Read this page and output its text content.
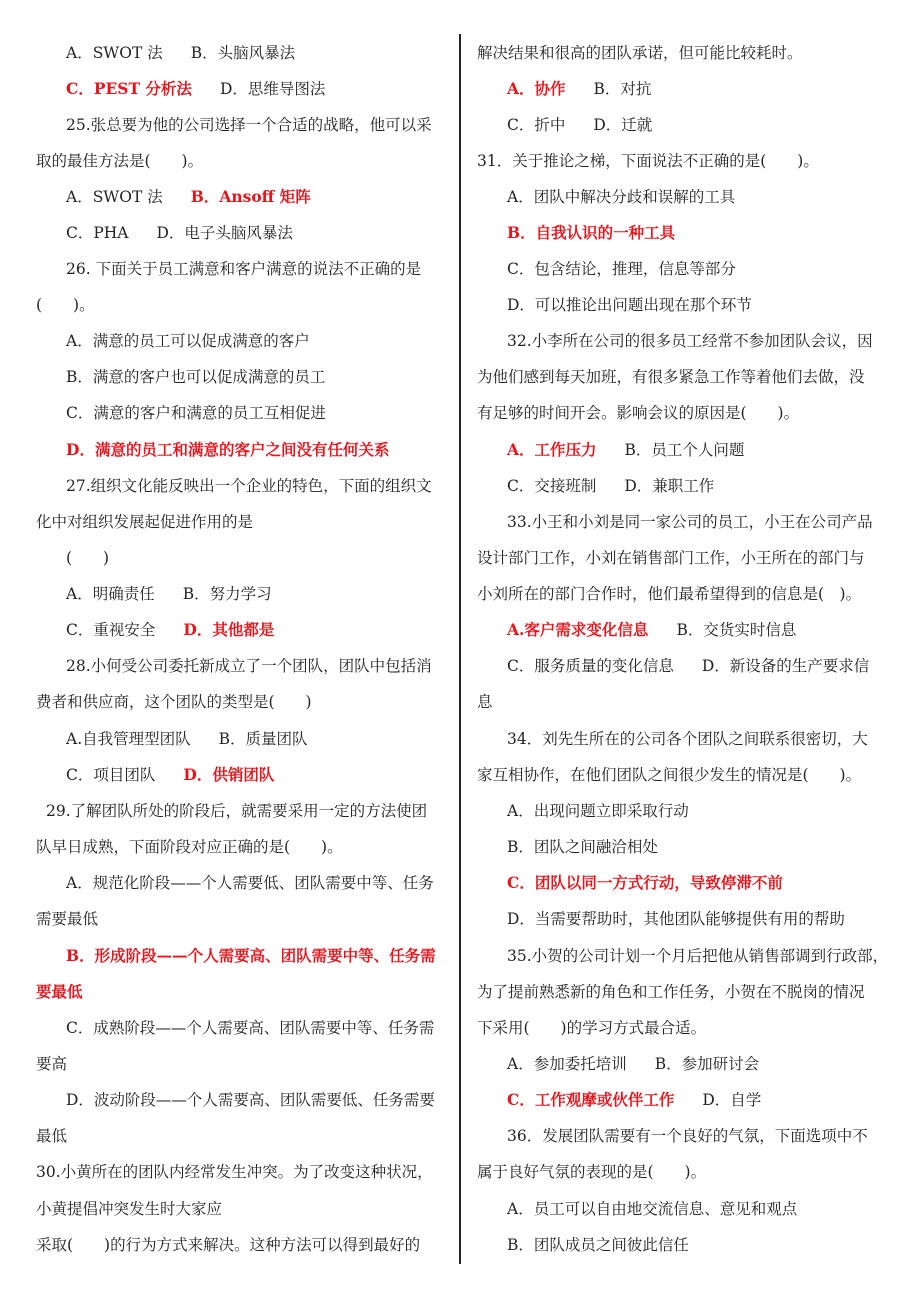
A．SWOT 法 B．头脑风暴法
C．PEST 分析法 D．思维导图法
25.张总要为他的公司选择一个合适的战略，他可以采
取的最佳方法是(　　)。
A．SWOT 法 B．Ansoff 矩阵
C．PHA D．电子头脑风暴法
26. 下面关于员工满意和客户满意的说法不正确的是
(　　)。
A．满意的员工可以促成满意的客户
B．满意的客户也可以促成满意的员工
C．满意的客户和满意的员工互相促进
D．满意的员工和满意的客户之间没有任何关系
27.组织文化能反映出一个企业的特色，下面的组织文
化中对组织发展起促进作用的是
(　　)
A．明确责任 B．努力学习
C．重视安全 D．其他都是
28.小何受公司委托新成立了一个团队，团队中包括消
费者和供应商，这个团队的类型是(　　)
A.自我管理型团队 B．质量团队
C．项目团队 D．供销团队
29.了解团队所处的阶段后，就需要采用一定的方法使团
队早日成熟，下面阶段对应正确的是(　　)。
A．规范化阶段——个人需要低、团队需要中等、任务
需要最低
B．形成阶段——个人需要高、团队需要中等、任务需
要最低
C．成熟阶段——个人需要高、团队需要中等、任务需
要高
D．波动阶段——个人需要高、团队需要低、任务需要
最低
30.小黄所在的团队内经常发生冲突。为了改变这种状况，
小黄提倡冲突发生时大家应
采取(　　)的行为方式来解决。这种方法可以得到最好的
解决结果和很高的团队承诺，但可能比较耗时。
A．协作 B．对抗
C．折中 D．迁就
31．关于推论之梯，下面说法不正确的是(　　)。
A．团队中解决分歧和误解的工具
B．自我认识的一种工具
C．包含结论，推理，信息等部分
D．可以推论出问题出现在那个环节
32.小李所在公司的很多员工经常不参加团队会议，因
为他们感到每天加班，有很多紧急工作等着他们去做，没
有足够的时间开会。影响会议的原因是(　　)。
A．工作压力 B．员工个人问题
C．交接班制 D．兼职工作
33.小王和小刘是同一家公司的员工，小王在公司产品
设计部门工作，小刘在销售部门工作，小王所在的部门与
小刘所在的部门合作时，他们最希望得到的信息是(　)。
A.客户需求变化信息 B．交货实时信息
C．服务质量的变化信息 D．新设备的生产要求信
息
34．刘先生所在的公司各个团队之间联系很密切，大
家互相协作，在他们团队之间很少发生的情况是(　　)。
A．出现问题立即采取行动
B．团队之间融洽相处
C．团队以同一方式行动，导致停滞不前
D．当需要帮助时，其他团队能够提供有用的帮助
35.小贺的公司计划一个月后把他从销售部调到行政部，
为了提前熟悉新的角色和工作任务，小贺在不脱岗的情况
下采用(　　)的学习方式最合适。
A．参加委托培训 B．参加研讨会
C．工作观摩或伙伴工作 D．自学
36．发展团队需要有一个良好的气氛，下面选项中不
属于良好气氛的表现的是(　　)。
A．员工可以自由地交流信息、意见和观点
B．团队成员之间彼此信任
